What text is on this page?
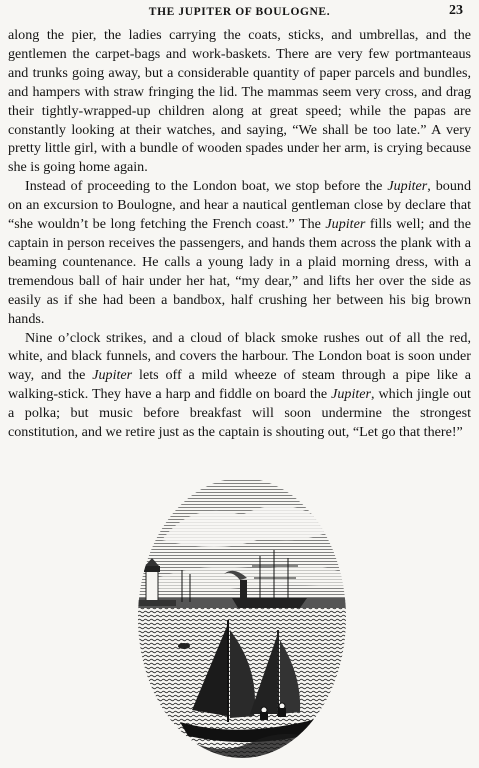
THE JUPITER OF BOULOGNE.	23

along the pier, the ladies carrying the coats, sticks, and umbrellas, and the gentlemen the carpet-bags and work-baskets. There are very few portmanteaus and trunks going away, but a considerable quantity of paper parcels and bundles, and hampers with straw fringing the lid. The mammas seem very cross, and drag their tightly-wrapped-up children along at great speed; while the papas are constantly looking at their watches, and saying, “We shall be too late.” A very pretty little girl, with a bundle of wooden spades under her arm, is crying because she is going home again.

Instead of proceeding to the London boat, we stop before the Jupiter, bound on an excursion to Boulogne, and hear a nautical gentleman close by declare that “she wouldn’t be long fetching the French coast.” The Jupiter fills well; and the captain in person receives the passengers, and hands them across the plank with a beaming countenance. He calls a young lady in a plaid morning dress, with a tremendous ball of hair under her hat, “my dear,” and lifts her over the side as easily as if she had been a bandbox, half crushing her between his big brown hands.

Nine o’clock strikes, and a cloud of black smoke rushes out of all the red, white, and black funnels, and covers the harbour. The London boat is soon under way, and the Jupiter lets off a mild wheeze of steam through a pipe like a walking-stick. They have a harp and fiddle on board the Jupiter, which jingle out a polka; but music before breakfast will soon undermine the strongest constitution, and we retire just as the captain is shouting out, “Let go that there!”
